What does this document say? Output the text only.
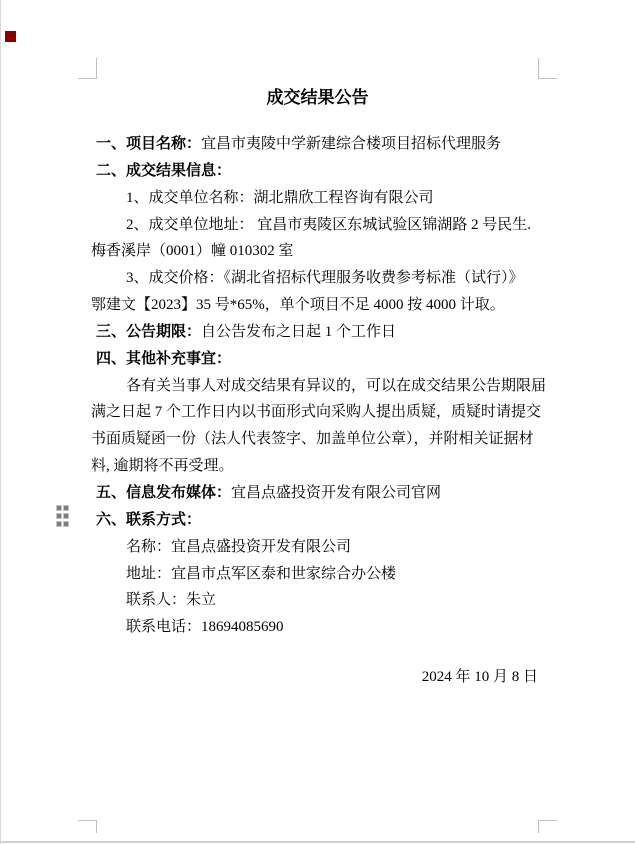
成交结果公告
一、项目名称：宜昌市夷陵中学新建综合楼项目招标代理服务
二、成交结果信息：
1、成交单位名称：湖北鼎欣工程咨询有限公司
2、成交单位地址： 宜昌市夷陵区东城试验区锦湖路 2 号民生.
梅香溪岸（0001）幢 010302 室
3、成交价格：《湖北省招标代理服务收费参考标准（试行）》
鄂建文【2023】35 号*65%，单个项目不足 4000 按 4000 计取。
三、公告期限：自公告发布之日起 1 个工作日
四、其他补充事宜：
各有关当事人对成交结果有异议的，可以在成交结果公告期限届
满之日起 7 个工作日内以书面形式向采购人提出质疑，质疑时请提交
书面质疑函一份（法人代表签字、加盖单位公章），并附相关证据材
料, 逾期将不再受理。
五、信息发布媒体：宜昌点盛投资开发有限公司官网
六、联系方式：
名称：宜昌点盛投资开发有限公司
地址：宜昌市点军区泰和世家综合办公楼
联系人：朱立
联系电话：18694085690
2024 年 10 月 8 日
